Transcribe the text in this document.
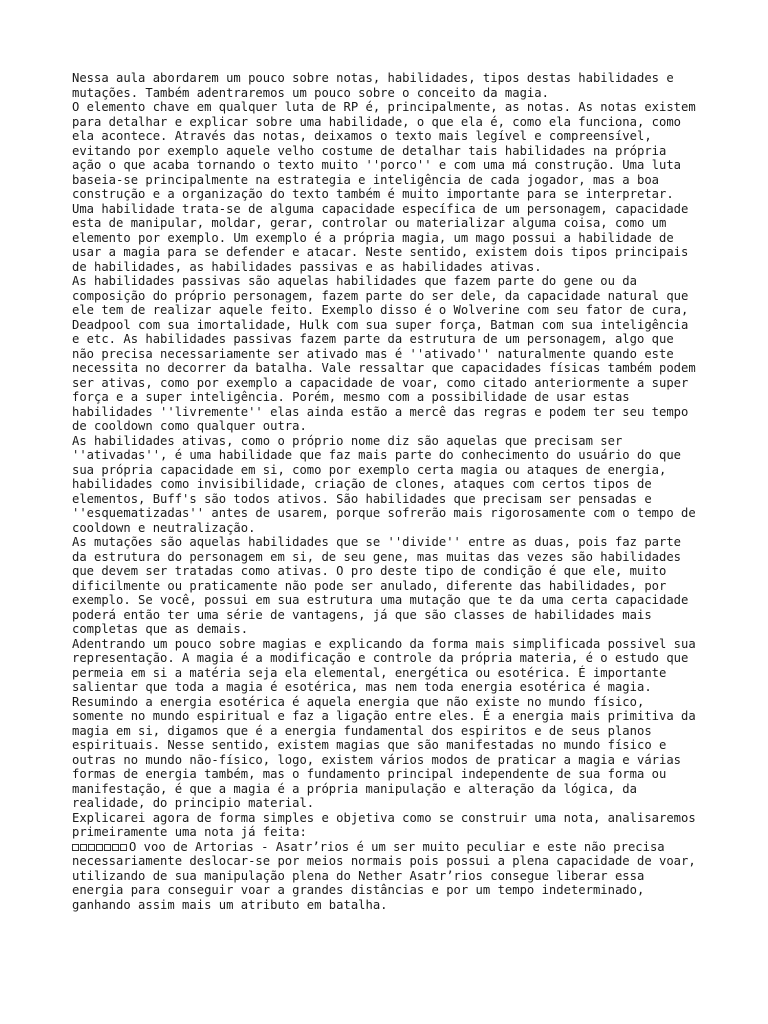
Nessa aula abordarem um pouco sobre notas, habilidades, tipos destas habilidades e mutações. Também adentraremos um pouco sobre o conceito da magia.

O elemento chave em qualquer luta de RP é, principalmente, as notas. As notas existem para detalhar e explicar sobre uma habilidade, o que ela é, como ela funciona, como ela acontece. Através das notas, deixamos o texto mais legível e compreensível, evitando por exemplo aquele velho costume de detalhar tais habilidades na própria ação o que acaba tornando o texto muito ''porco'' e com uma má construção. Uma luta baseia-se principalmente na estrategia e inteligência de cada jogador, mas a boa construção e a organização do texto também é muito importante para se interpretar.

Uma habilidade trata-se de alguma capacidade específica de um personagem, capacidade esta de manipular, moldar, gerar, controlar ou materializar alguma coisa, como um elemento por exemplo. Um exemplo é a própria magia, um mago possui a habilidade de usar a magia para se defender e atacar. Neste sentido, existem dois tipos principais de habilidades, as habilidades passivas e as habilidades ativas.

As habilidades passivas são aquelas habilidades que fazem parte do gene ou da composição do próprio personagem, fazem parte do ser dele, da capacidade natural que ele tem de realizar aquele feito. Exemplo disso é o Wolverine com seu fator de cura, Deadpool com sua imortalidade, Hulk com sua super força, Batman com sua inteligência e etc. As habilidades passivas fazem parte da estrutura de um personagem, algo que não precisa necessariamente ser ativado mas é ''ativado'' naturalmente quando este necessita no decorrer da batalha. Vale ressaltar que capacidades físicas também podem ser ativas, como por exemplo a capacidade de voar, como citado anteriormente a super força e a super inteligência. Porém, mesmo com a possibilidade de usar estas habilidades ''livremente'' elas ainda estão a mercê das regras e podem ter seu tempo de cooldown como qualquer outra.

As habilidades ativas, como o próprio nome diz são aquelas que precisam ser ''ativadas'', é uma habilidade que faz mais parte do conhecimento do usuário do que sua própria capacidade em si, como por exemplo certa magia ou ataques de energia, habilidades como invisibilidade, criação de clones, ataques com certos tipos de elementos, Buff's são todos ativos. São habilidades que precisam ser pensadas e ''esquematizadas'' antes de usarem, porque sofrerão mais rigorosamente com o tempo de cooldown e neutralização.

As mutações são aquelas habilidades que se ''divide'' entre as duas, pois faz parte da estrutura do personagem em si, de seu gene, mas muitas das vezes são habilidades que devem ser tratadas como ativas. O pro deste tipo de condição é que ele, muito dificilmente ou praticamente não pode ser anulado, diferente das habilidades, por exemplo. Se você, possui em sua estrutura uma mutação que te da uma certa capacidade poderá então ter uma série de vantagens, já que são classes de habilidades mais completas que as demais.

Adentrando um pouco sobre magias e explicando da forma mais simplificada possivel sua representação. A magia é a modificação e controle da própria materia, é o estudo que permeia em si a matéria seja ela elemental, energética ou esotérica. É importante salientar que toda a magia é esotérica, mas nem toda energia esotérica é magia. Resumindo a energia esotérica é aquela energia que não existe no mundo físico, somente no mundo espiritual e faz a ligação entre eles. É a energia mais primitiva da magia em si, digamos que é a energia fundamental dos espiritos e de seus planos espirituais. Nesse sentido, existem magias que são manifestadas no mundo físico e outras no mundo não-físico, logo, existem vários modos de praticar a magia e várias formas de energia também, mas o fundamento principal independente de sua forma ou manifestação, é que a magia é a própria manipulação e alteração da lógica, da realidade, do principio material.

Explicarei agora de forma simples e objetiva como se construir uma nota, analisaremos primeiramente uma nota já feita:

O voo de Artorias - Asatr’rios é um ser muito peculiar e este não precisa necessariamente deslocar-se por meios normais pois possui a plena capacidade de voar, utilizando de sua manipulação plena do Nether Asatr’rios consegue liberar essa energia para conseguir voar a grandes distâncias e por um tempo indeterminado, ganhando assim mais um atributo em batalha.
